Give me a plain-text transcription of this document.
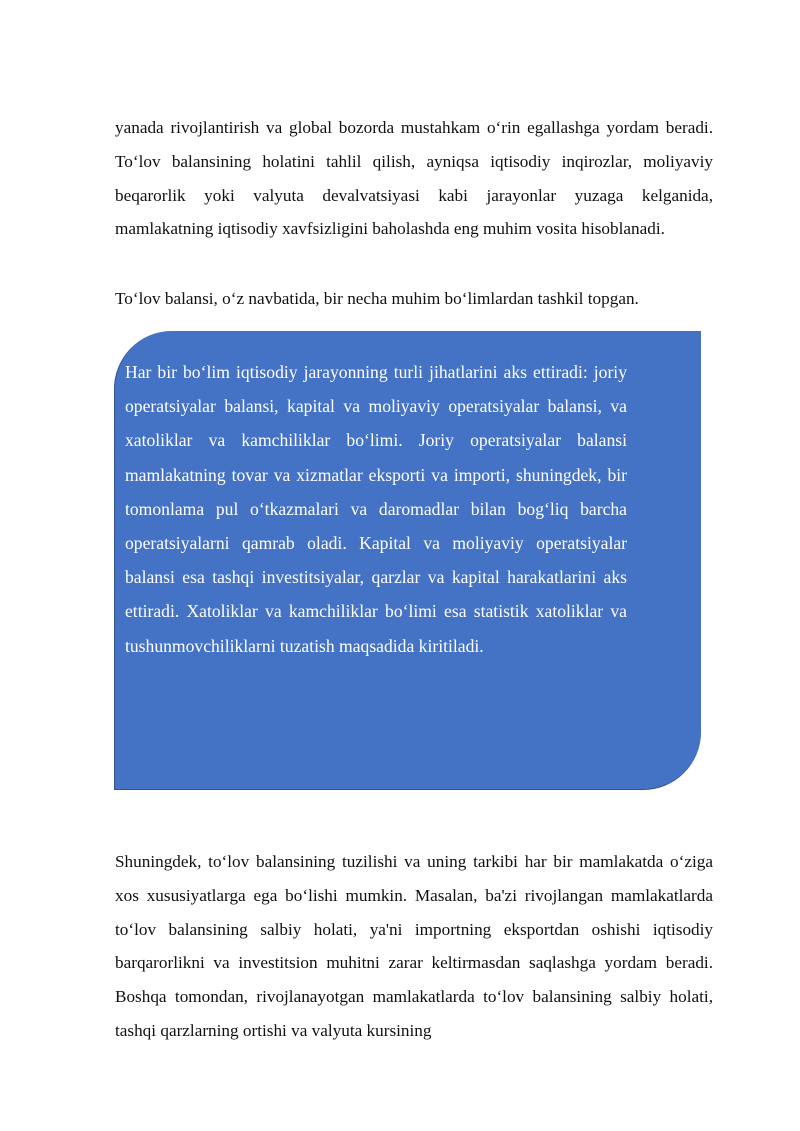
yanada rivojlantirish va global bozorda mustahkam o‘rin egallashga yordam beradi. To‘lov balansining holatini tahlil qilish, ayniqsa iqtisodiy inqirozlar, moliyaviy beqarorlik yoki valyuta devalvatsiyasi kabi jarayonlar yuzaga kelganida, mamlakatning iqtisodiy xavfsizligini baholashda eng muhim vosita hisoblanadi.

To‘lov balansi, o‘z navbatida, bir necha muhim bo‘limlardan tashkil topgan.

Har bir bo‘lim iqtisodiy jarayonning turli jihatlarini aks ettiradi: joriy operatsiyalar balansi, kapital va moliyaviy operatsiyalar balansi, va xatoliklar va kamchiliklar bo‘limi. Joriy operatsiyalar balansi mamlakatning tovar va xizmatlar eksporti va importi, shuningdek, bir tomonlama pul o‘tkazmalari va daromadlar bilan bog‘liq barcha operatsiyalarni qamrab oladi. Kapital va moliyaviy operatsiyalar balansi esa tashqi investitsiyalar, qarzlar va kapital harakatlarini aks ettiradi. Xatoliklar va kamchiliklar bo‘limi esa statistik xatoliklar va tushunmovchiliklarni tuzatish maqsadida kiritiladi.

Shuningdek, to‘lov balansining tuzilishi va uning tarkibi har bir mamlakatda o‘ziga xos xususiyatlarga ega bo‘lishi mumkin. Masalan, ba'zi rivojlangan mamlakatlarda to‘lov balansining salbiy holati, ya'ni importning eksportdan oshishi iqtisodiy barqarorlikni va investitsion muhitni zarar keltirmasdan saqlashga yordam beradi. Boshqa tomondan, rivojlanayotgan mamlakatlarda to‘lov balansining salbiy holati, tashqi qarzlarning ortishi va valyuta kursining
